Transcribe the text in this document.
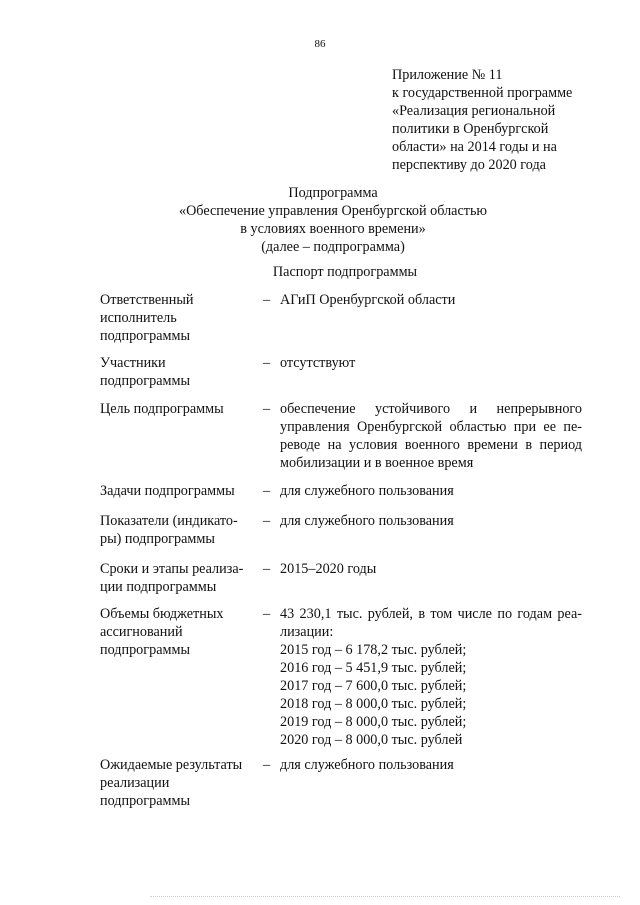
86
Приложение № 11
к государственной программе
«Реализация региональной
политики в Оренбургской
области» на 2014 годы и на
перспективу до 2020 года
Подпрограмма
«Обеспечение управления Оренбургской областью
в условиях военного времени»
(далее – подпрограмма)
Паспорт подпрограммы
Ответственный
исполнитель
подпрограммы
– АГиП Оренбургской области
Участники
подпрограммы
– отсутствуют
Цель подпрограммы	– обеспечение устойчивого и непрерывного
управления Оренбургской областью при ее пе-
реводе на условия военного времени в период
мобилизации и в военное время
Задачи подпрограммы	– для служебного пользования
Показатели (индикато-
ры) подпрограммы
– для служебного пользования
Сроки и этапы реализа-
ции подпрограммы
– 2015–2020 годы
Объемы бюджетных
ассигнований
подпрограммы
– 43 230,1 тыс. рублей, в том числе по годам реа-
лизации:
2015 год – 6 178,2 тыс. рублей;
2016 год – 5 451,9 тыс. рублей;
2017 год – 7 600,0 тыс. рублей;
2018 год – 8 000,0 тыс. рублей;
2019 год – 8 000,0 тыс. рублей;
2020 год – 8 000,0 тыс. рублей
Ожидаемые результаты
реализации
подпрограммы
– для служебного пользования
